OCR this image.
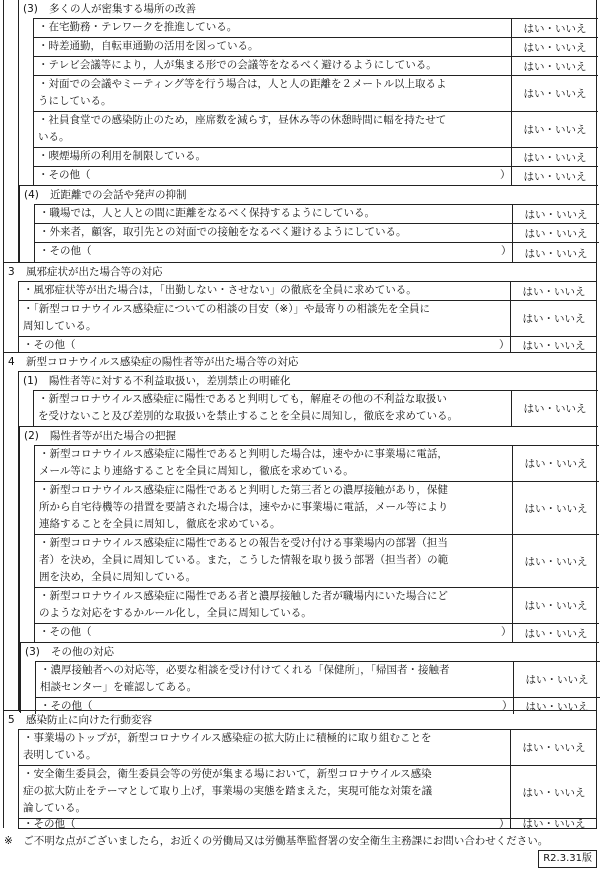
(3) 多くの人が密集する場所の改善
・在宅勤務・テレワークを推進している。	はい・いいえ
・時差通勤，自転車通勤の活用を図っている。	はい・いいえ
・テレビ会議等により，人が集まる形での会議等をなるべく避けるようにしている。	はい・いいえ
・対面での会議やミーティング等を行う場合は，人と人の距離を２メートル以上取るよ
うにしている。
はい・いいえ
・社員食堂での感染防止のため，座席数を減らす，昼休み等の休憩時間に幅を持たせて
いる。
はい・いいえ
・喫煙場所の利用を制限している。	はい・いいえ
・その他（	）	はい・いいえ
(4) 近距離での会話や発声の抑制
・職場では，人と人との間に距離をなるべく保持するようにしている。	はい・いいえ
・外来者，顧客，取引先との対面での接触をなるべく避けるようにしている。	はい・いいえ
・その他（	）	はい・いいえ
3 風邪症状が出た場合等の対応
・風邪症状等が出た場合は，「出勤しない・させない」の徹底を全員に求めている。	はい・いいえ
・「新型コロナウイルス感染症についての相談の目安（※）」や最寄りの相談先を全員に
周知している。
はい・いいえ
・その他（	）	はい・いいえ
4 新型コロナウイルス感染症の陽性者等が出た場合等の対応
(1) 陽性者等に対する不利益取扱い，差別禁止の明確化
・新型コロナウイルス感染症に陽性であると判明しても，解雇その他の不利益な取扱い
を受けないこと及び差別的な取扱いを禁止することを全員に周知し，徹底を求めている。
はい・いいえ
(2) 陽性者等が出た場合の把握
・新型コロナウイルス感染症に陽性であると判明した場合は，速やかに事業場に電話，
メール等により連絡することを全員に周知し，徹底を求めている。
はい・いいえ
・新型コロナウイルス感染症に陽性であると判明した第三者との濃厚接触があり，保健
所から自宅待機等の措置を要請された場合は，速やかに事業場に電話，メール等により
連絡することを全員に周知し，徹底を求めている。
はい・いいえ
・新型コロナウイルス感染症に陽性であるとの報告を受け付ける事業場内の部署（担当
者）を決め，全員に周知している。また，こうした情報を取り扱う部署（担当者）の範
囲を決め，全員に周知している。
はい・いいえ
・新型コロナウイルス感染症に陽性である者と濃厚接触した者が職場内にいた場合にど
のような対応をするかルール化し，全員に周知している。
はい・いいえ
・その他（	）	はい・いいえ
(3) その他の対応
・濃厚接触者への対応等，必要な相談を受け付けてくれる「保健所」，「帰国者・接触者
相談センター」を確認してある。
はい・いいえ
・その他（	）	はい・いいえ
5 感染防止に向けた行動変容
・事業場のトップが，新型コロナウイルス感染症の拡大防止に積極的に取り組むことを
表明している。
はい・いいえ
・安全衛生委員会，衛生委員会等の労使が集まる場において，新型コロナウイルス感染
症の拡大防止をテーマとして取り上げ，事業場の実態を踏まえた，実現可能な対策を議
論している。
はい・いいえ
・その他（	）	はい・いいえ
※　ご不明な点がございましたら，お近くの労働局又は労働基準監督署の安全衛生主務課にお問い合わせください。
R2.3.31版
